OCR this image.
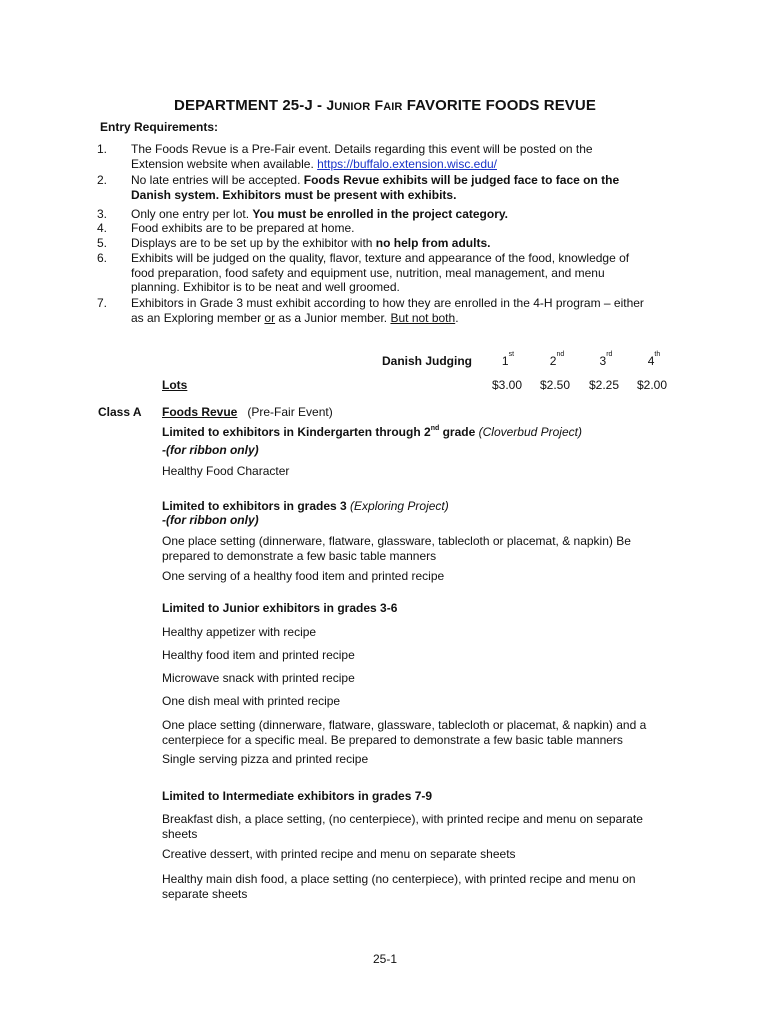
DEPARTMENT 25-J - JUNIOR FAIR FAVORITE FOODS REVUE
Entry Requirements:
1.	The Foods Revue is a Pre-Fair event. Details regarding this event will be posted on the
Extension website when available. https://buffalo.extension.wisc.edu/
2.	No late entries will be accepted. Foods Revue exhibits will be judged face to face on the
Danish system. Exhibitors must be present with exhibits.
3.	Only one entry per lot. You must be enrolled in the project category.
4.	Food exhibits are to be prepared at home.
5.	Displays are to be set up by the exhibitor with no help from adults.
6.	Exhibits will be judged on the quality, flavor, texture and appearance of the food, knowledge of
food preparation, food safety and equipment use, nutrition, meal management, and menu
planning. Exhibitor is to be neat and well groomed.
7.	Exhibitors in Grade 3 must exhibit according to how they are enrolled in the 4-H program – either
as an Exploring member or as a Junior member. But not both.
Danish Judging	1st	2nd	3rd	4th
Lots	$3.00	$2.50	$2.25	$2.00
Class A Foods Revue   (Pre-Fair Event)
Limited to exhibitors in Kindergarten through 2nd grade (Cloverbud Project)
-(for ribbon only)
Healthy Food Character
Limited to exhibitors in grades 3 (Exploring Project)
-(for ribbon only)
One place setting (dinnerware, flatware, glassware, tablecloth or placemat, & napkin) Be
prepared to demonstrate a few basic table manners
One serving of a healthy food item and printed recipe
Limited to Junior exhibitors in grades 3-6
Healthy appetizer with recipe
Healthy food item and printed recipe
Microwave snack with printed recipe
One dish meal with printed recipe
One place setting (dinnerware, flatware, glassware, tablecloth or placemat, & napkin) and a
centerpiece for a specific meal. Be prepared to demonstrate a few basic table manners
Single serving pizza and printed recipe
Limited to Intermediate exhibitors in grades 7-9
Breakfast dish, a place setting, (no centerpiece), with printed recipe and menu on separate
sheets
Creative dessert, with printed recipe and menu on separate sheets
Healthy main dish food, a place setting (no centerpiece), with printed recipe and menu on
separate sheets
25-1
